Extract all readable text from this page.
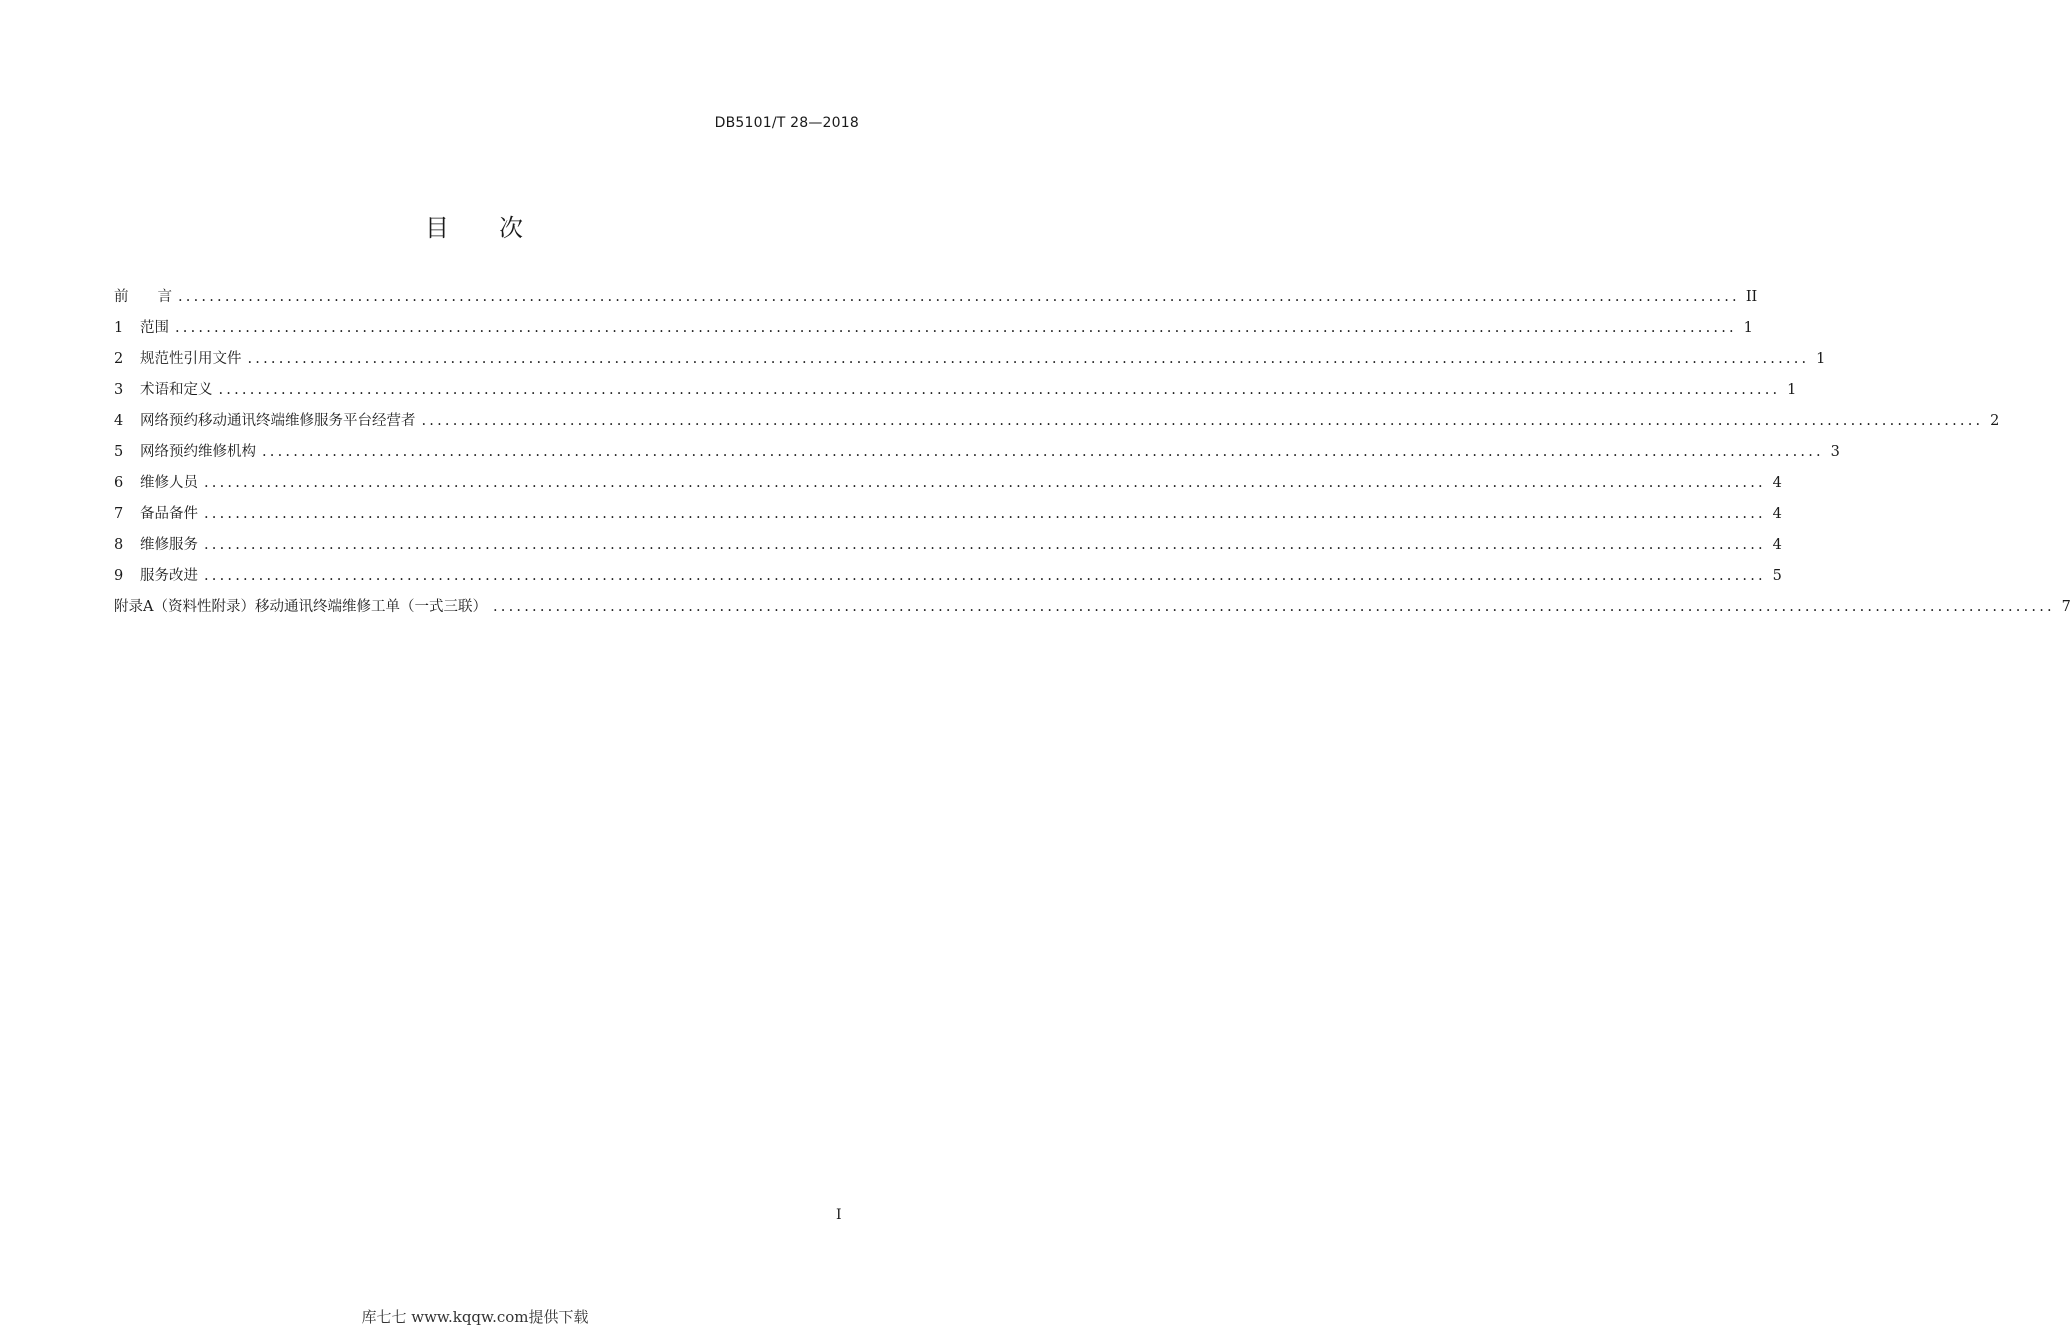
DB5101/T 28—2018
目 次
前　　言 ........................................................................................................................................................................................................ II
1	范围 ........................................................................................................................................................................................................ 1
2	规范性引用文件 ........................................................................................................................................................................................................ 1
3	术语和定义 ........................................................................................................................................................................................................ 1
4	网络预约移动通讯终端维修服务平台经营者 ........................................................................................................................................................................................................ 2
5	网络预约维修机构 ........................................................................................................................................................................................................ 3
6	维修人员 ........................................................................................................................................................................................................ 4
7	备品备件 ........................................................................................................................................................................................................ 4
8	维修服务 ........................................................................................................................................................................................................ 4
9	服务改进 ........................................................................................................................................................................................................ 5
附录A（资料性附录）移动通讯终端维修工单（一式三联） ........................................................................................................................................................................................................ 7
I
库七七 www.kqqw.com提供下载
